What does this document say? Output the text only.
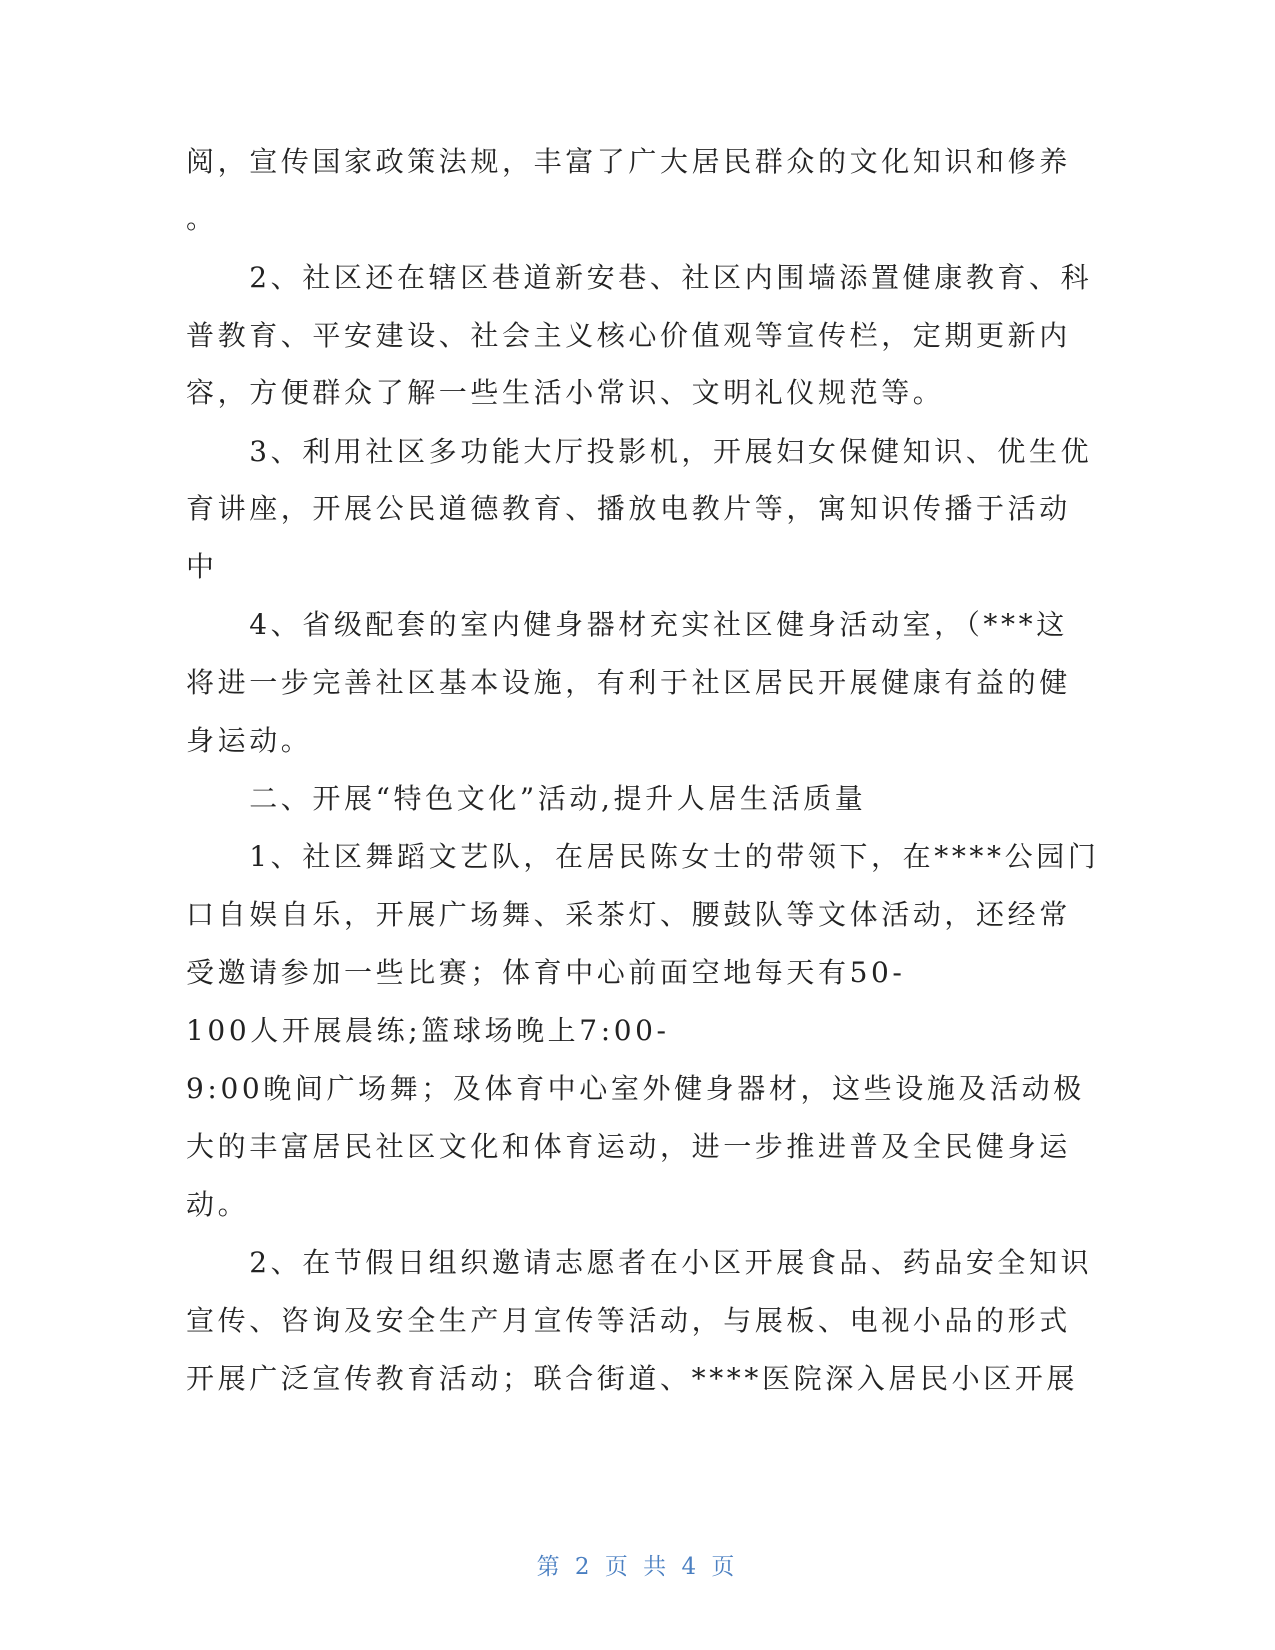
阅，宣传国家政策法规，丰富了广大居民群众的文化知识和修养
。
　　2、社区还在辖区巷道新安巷、社区内围墙添置健康教育、科
普教育、平安建设、社会主义核心价值观等宣传栏，定期更新内
容，方便群众了解一些生活小常识、文明礼仪规范等。
　　3、利用社区多功能大厅投影机，开展妇女保健知识、优生优
育讲座，开展公民道德教育、播放电教片等，寓知识传播于活动
中
　　4、省级配套的室内健身器材充实社区健身活动室，（***这
将进一步完善社区基本设施，有利于社区居民开展健康有益的健
身运动。
　　二、开展“特色文化”活动,提升人居生活质量
　　1、社区舞蹈文艺队，在居民陈女士的带领下，在****公园门
口自娱自乐，开展广场舞、采茶灯、腰鼓队等文体活动，还经常
受邀请参加一些比赛；体育中心前面空地每天有50-
100人开展晨练;篮球场晚上7:00-
9:00晚间广场舞；及体育中心室外健身器材，这些设施及活动极
大的丰富居民社区文化和体育运动，进一步推进普及全民健身运
动。
　　2、在节假日组织邀请志愿者在小区开展食品、药品安全知识
宣传、咨询及安全生产月宣传等活动，与展板、电视小品的形式
开展广泛宣传教育活动；联合街道、****医院深入居民小区开展
第 2 页 共 4 页
